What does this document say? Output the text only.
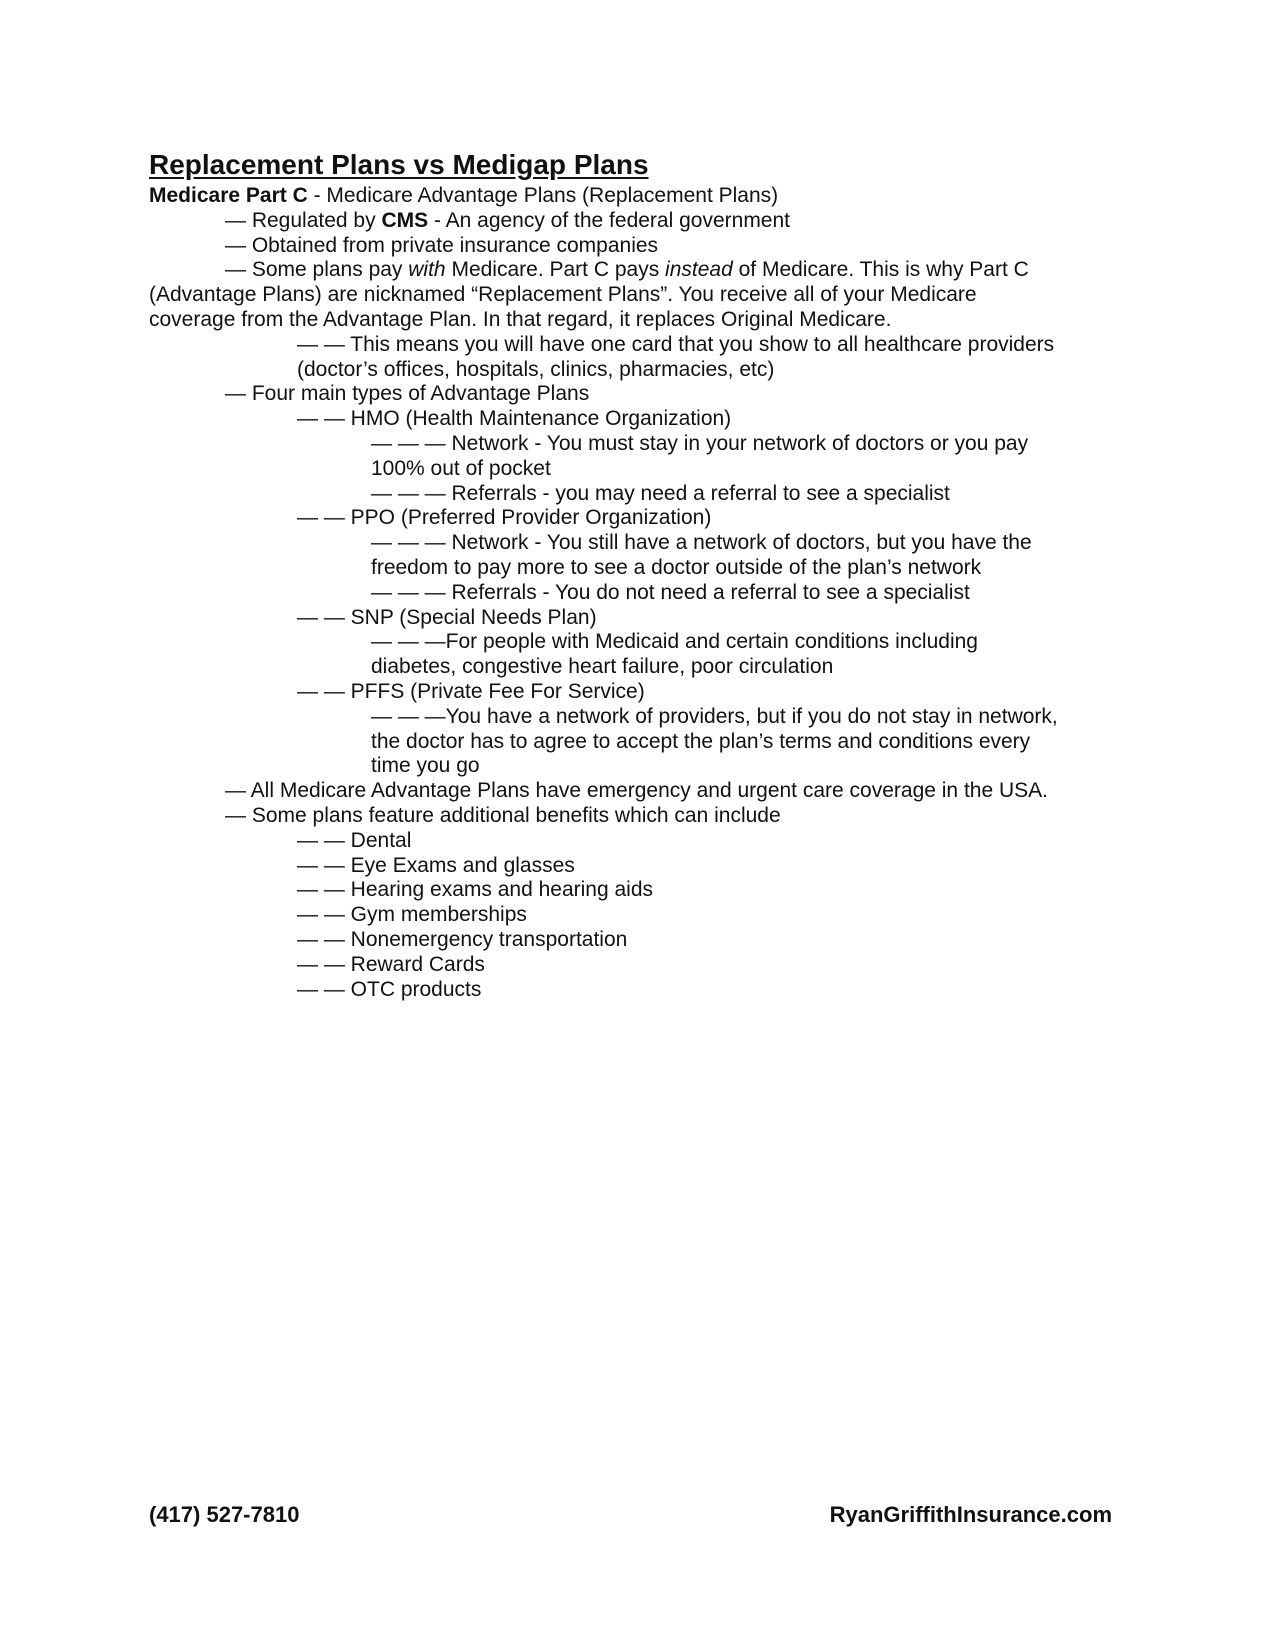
Replacement Plans vs Medigap Plans
Medicare Part C - Medicare Advantage Plans (Replacement Plans)
— Regulated by CMS - An agency of the federal government
— Obtained from private insurance companies
— Some plans pay with Medicare. Part C pays instead of Medicare. This is why Part C
(Advantage Plans) are nicknamed “Replacement Plans”. You receive all of your Medicare
coverage from the Advantage Plan. In that regard, it replaces Original Medicare.
— — This means you will have one card that you show to all healthcare providers
(doctor’s offices, hospitals, clinics, pharmacies, etc)
— Four main types of Advantage Plans
— — HMO (Health Maintenance Organization)
— — — Network - You must stay in your network of doctors or you pay
100% out of pocket
— — — Referrals - you may need a referral to see a specialist
— — PPO (Preferred Provider Organization)
— — — Network - You still have a network of doctors, but you have the
freedom to pay more to see a doctor outside of the plan’s network
— — — Referrals - You do not need a referral to see a specialist
— — SNP (Special Needs Plan)
— — —For people with Medicaid and certain conditions including
diabetes, congestive heart failure, poor circulation
— — PFFS (Private Fee For Service)
— — —You have a network of providers, but if you do not stay in network,
the doctor has to agree to accept the plan’s terms and conditions every
time you go
— All Medicare Advantage Plans have emergency and urgent care coverage in the USA.
— Some plans feature additional benefits which can include
— — Dental
— — Eye Exams and glasses
— — Hearing exams and hearing aids
— — Gym memberships
— — Nonemergency transportation
— — Reward Cards
— — OTC products
(417) 527-7810	RyanGriffithInsurance.com
